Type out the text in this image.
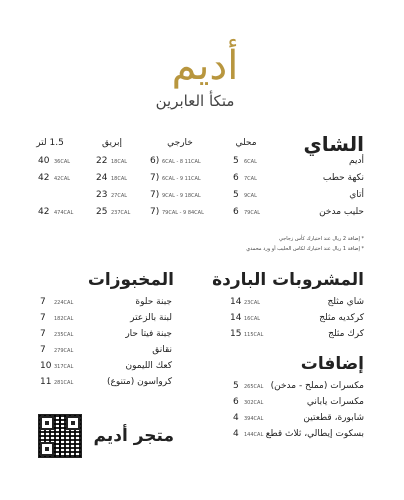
أديم
متكأ العابرين
الشاي
محلي
خارجي
إبريق
1.5 لتر
أديم
5 6CAL
6) 6CAL - 8 11CAL
22 18CAL
40 36CAL
نكهة حطب
6 7CAL
7) 6CAL - 9 11CAL
24 18CAL
42 42CAL
أتاي
5 9CAL
7) 9CAL - 9 18CAL
23 27CAL
حليب مدخن
6 79CAL
7) 79CAL - 9 84CAL
25 237CAL
42 474CAL
* إضافة 2 ريال عند اختيارك كأس زجاجي
* إضافة 1 ريال عند اختيارك لكاس الحليب أو ورد محمدي
المشروبات الباردة
شاي مثلج
14 23CAL
كركديه مثلج
14 16CAL
كرك مثلج
15 115CAL
المخبوزات
جبنة حلوة
7 224CAL
لبنة بالزعتر
7 182CAL
جبنة فيتا حار
7 235CAL
نقانق
7 279CAL
كعك الليمون
10 317CAL
كرواسون (متنوع)
11 281CAL
إضافات
مكسرات (مملح - مدخن)
5 265CAL
مكسرات ياباني
6 302CAL
شابورة، قطعتين
4 394CAL
بسكوت إيطالي، ثلاث قطع
4 144CAL
متجر أديم
